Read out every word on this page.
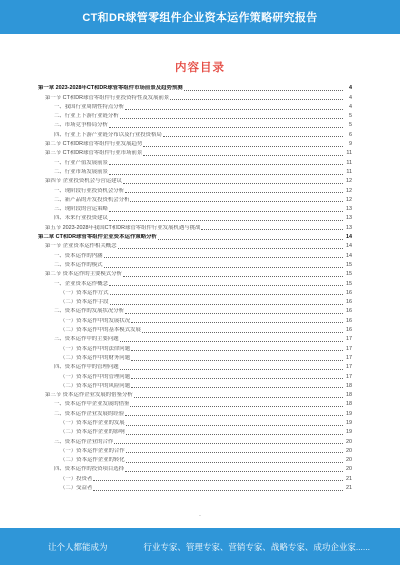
CT和DR球管零组件企业资本运作策略研究报告
内容目录
第一章 2023-2028年CT和DR球管零组件市场前景及趋势预测	4
第一节 CT和DR球管零组件行业投资特性及发展前景	4
一、我国行业周期性特点分析	4
二、行业上下游行业链分析	5
三、市场竞争格局分析	5
四、行业上下游产业链分布以及行业投资格局	6
第二节 CT和DR球管零组件行业发展趋势	9
第三节 CT和DR球管零组件行业市场前景	11
一、行业产值发展前景	11
二、行业市场发展前景	11
第四节 企业投资机会与营运建议	12
一、现阶段行业投资机会分析	12
二、新产品的开发投资机会分析	12
三、现阶段的营运策略	13
四、未来行业投资建议	13
第五节 2023-2028年我国CT和DR球管零组件行业发展机遇与挑战	13
第二章 CT和DR球管零组件企业资本运作策略分析	14
第一节 企业资本运作相关概念	14
一、资本运作的内涵	14
二、资本运作的模式	15
第二节 资本运作的主要模式分析	15
一、企业资本运作概念	15
（一）资本运作方式	16
（二）资本运作手段	16
二、资本运作的发展状况分析	16
（一）资本运作中的发展状况	16
（二）资本运作中的基本模式发展	16
三、资本运作中的主要问题	17
（一）资本运作中的法律问题	17
（二）资本运作中的财务问题	17
四、资本运作中的管理问题	17
（一）资本运作中的管理问题	17
（二）资本运作中的风险问题	18
第三节 资本运作企业发展的借鉴分析	18
一、资本运作中企业发展的借鉴	18
二、资本运作企业发展的经验	19
（一）资本运作企业的发展	19
（二）资本运作企业的影响	19
三、资本运作企业的合作	20
（一）资本运作企业的合作	20
（二）资本运作企业的转化	20
四、资本运作的投资项目选择	20
（一）投资者	21
（二）受益者	21
-
让个人都能成为	行业专家、管理专家、营销专家、战略专家、成功企业家......
